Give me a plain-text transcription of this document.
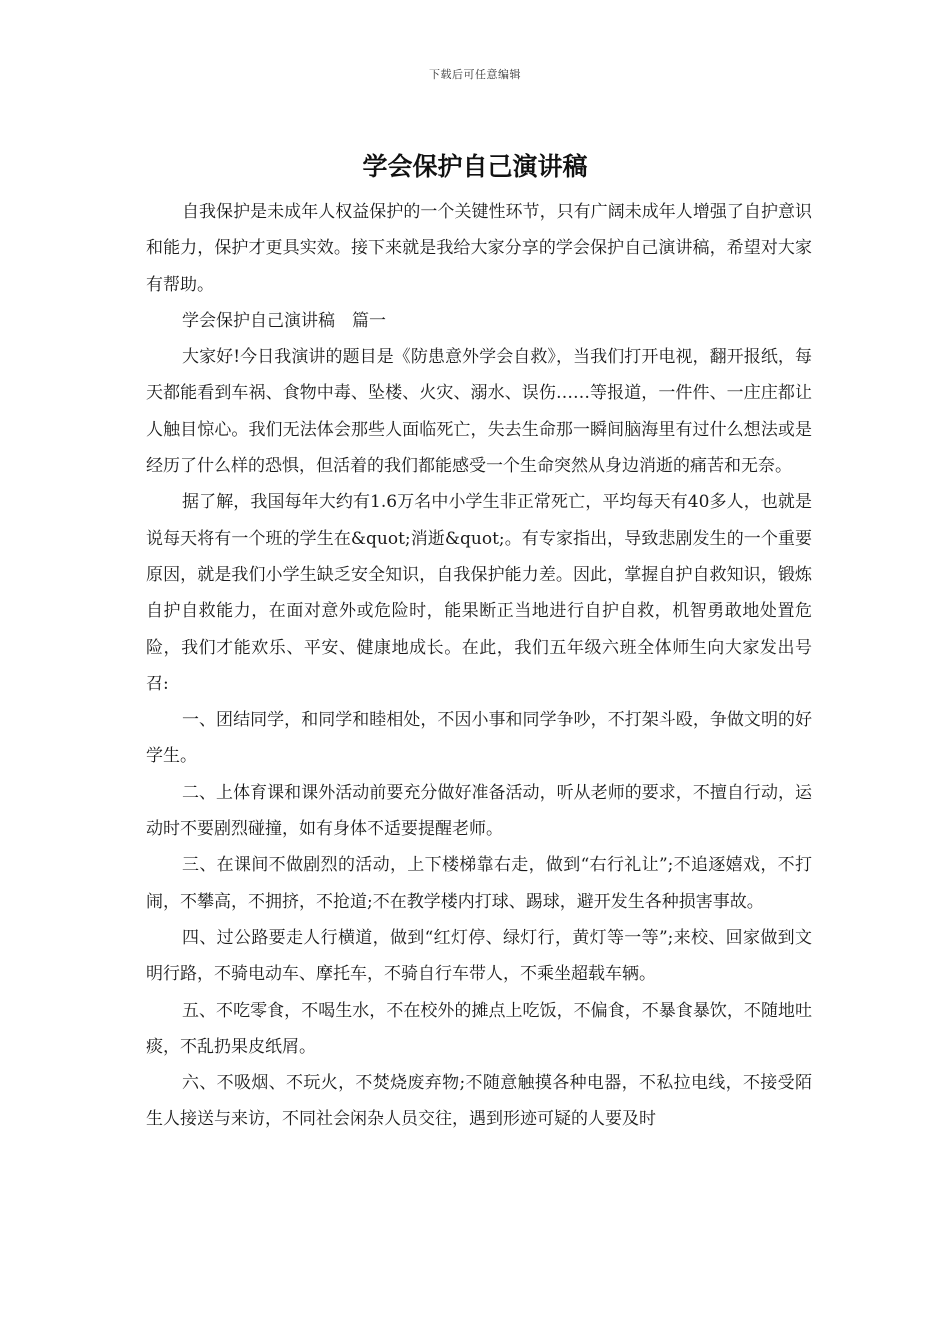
下载后可任意编辑
学会保护自己演讲稿

自我保护是未成年人权益保护的一个关键性环节，只有广阔未成年人增强了自护意识和能力，保护才更具实效。接下来就是我给大家分享的学会保护自己演讲稿，希望对大家有帮助。

学会保护自己演讲稿　篇一

大家好!今日我演讲的题目是《防患意外学会自救》，当我们打开电视，翻开报纸，每天都能看到车祸、食物中毒、坠楼、火灾、溺水、误伤……等报道，一件件、一庄庄都让人触目惊心。我们无法体会那些人面临死亡，失去生命那一瞬间脑海里有过什么想法或是经历了什么样的恐惧，但活着的我们都能感受一个生命突然从身边消逝的痛苦和无奈。

据了解，我国每年大约有1.6万名中小学生非正常死亡，平均每天有40多人，也就是说每天将有一个班的学生在&quot;消逝&quot;。有专家指出，导致悲剧发生的一个重要原因，就是我们小学生缺乏安全知识，自我保护能力差。因此，掌握自护自救知识，锻炼自护自救能力，在面对意外或危险时，能果断正当地进行自护自救，机智勇敢地处置危险，我们才能欢乐、平安、健康地成长。在此，我们五年级六班全体师生向大家发出号召:

一、团结同学，和同学和睦相处，不因小事和同学争吵，不打架斗殴，争做文明的好学生。

二、上体育课和课外活动前要充分做好准备活动，听从老师的要求，不擅自行动，运动时不要剧烈碰撞，如有身体不适要提醒老师。

三、在课间不做剧烈的活动，上下楼梯靠右走，做到“右行礼让”;不追逐嬉戏，不打闹，不攀高，不拥挤，不抢道;不在教学楼内打球、踢球，避开发生各种损害事故。

四、过公路要走人行横道，做到“红灯停、绿灯行，黄灯等一等”;来校、回家做到文明行路，不骑电动车、摩托车，不骑自行车带人，不乘坐超载车辆。

五、不吃零食，不喝生水，不在校外的摊点上吃饭，不偏食，不暴食暴饮，不随地吐痰，不乱扔果皮纸屑。

六、不吸烟、不玩火，不焚烧废弃物;不随意触摸各种电器，不私拉电线，不接受陌生人接送与来访，不同社会闲杂人员交往，遇到形迹可疑的人要及时
